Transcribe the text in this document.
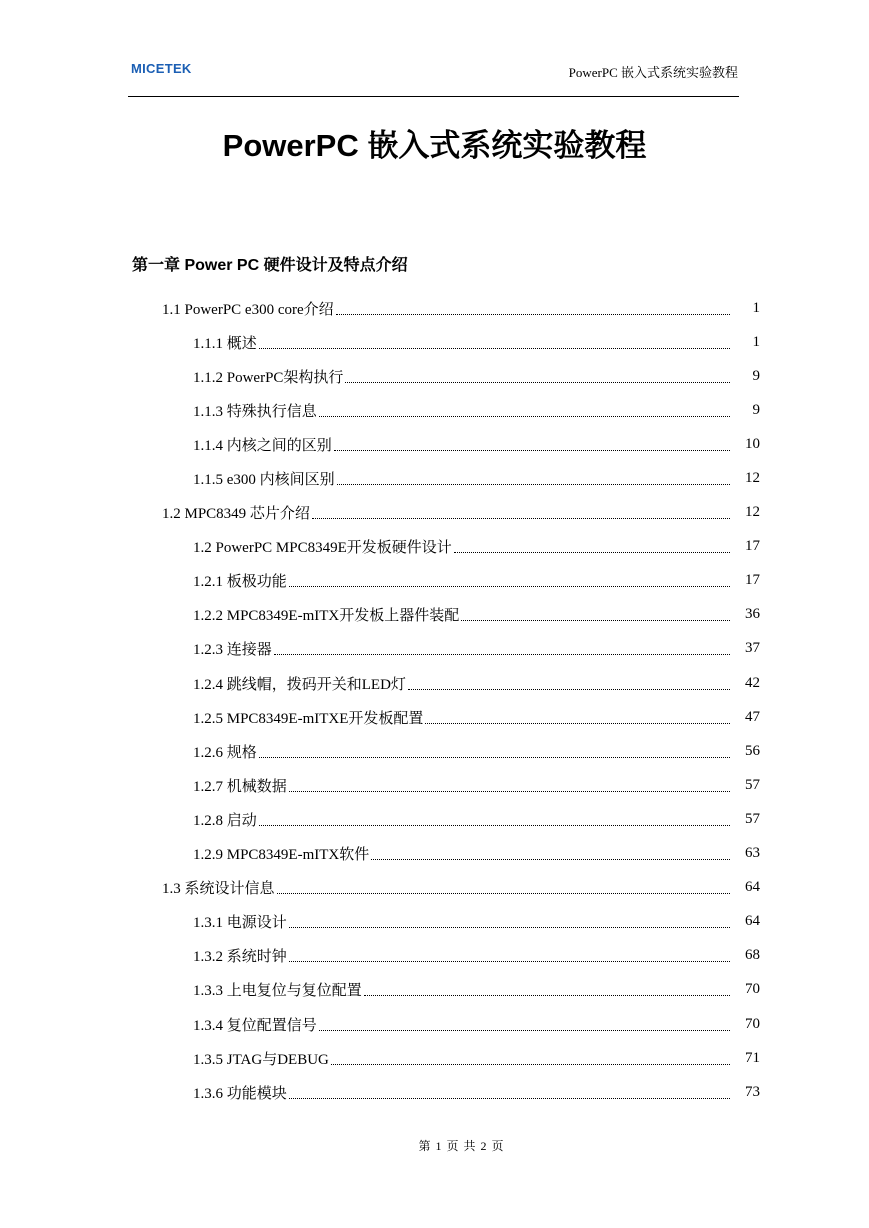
MICETEK	PowerPC 嵌入式系统实验教程
PowerPC 嵌入式系统实验教程
第一章 Power PC 硬件设计及特点介绍
1.1 PowerPC e300 core介绍	1
1.1.1 概述	1
1.1.2 PowerPC架构执行	9
1.1.3 特殊执行信息	9
1.1.4 内核之间的区别	10
1.1.5 e300 内核间区别	12
1.2 MPC8349 芯片介绍	12
1.2 PowerPC MPC8349E开发板硬件设计	17
1.2.1 板极功能	17
1.2.2 MPC8349E-mITX开发板上器件装配	36
1.2.3 连接器	37
1.2.4 跳线帽，拨码开关和LED灯	42
1.2.5 MPC8349E-mITXE开发板配置	47
1.2.6 规格	56
1.2.7 机械数据	57
1.2.8 启动	57
1.2.9 MPC8349E-mITX软件	63
1.3 系统设计信息	64
1.3.1 电源设计	64
1.3.2 系统时钟	68
1.3.3 上电复位与复位配置	70
1.3.4 复位配置信号	70
1.3.5 JTAG与DEBUG	71
1.3.6 功能模块	73
第 1 页 共 2 页
